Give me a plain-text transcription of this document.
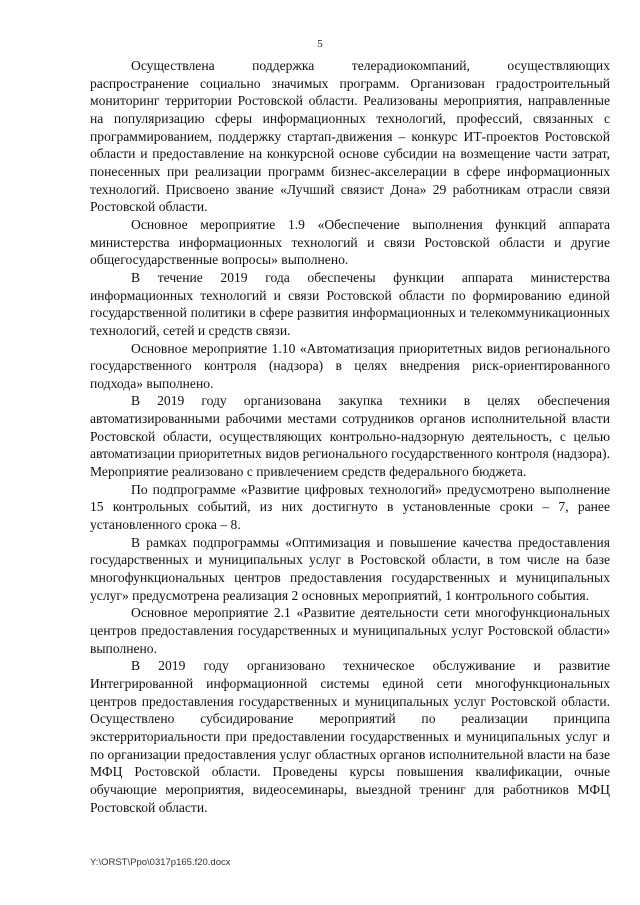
5

Осуществлена поддержка телерадиокомпаний, осуществляющих распространение социально значимых программ. Организован градостроительный мониторинг территории Ростовской области. Реализованы мероприятия, направленные на популяризацию сферы информационных технологий, профессий, связанных с программированием, поддержку стартап-движения – конкурс ИТ-проектов Ростовской области и предоставление на конкурсной основе субсидии на возмещение части затрат, понесенных при реализации программ бизнес-акселерации в сфере информационных технологий. Присвоено звание «Лучший связист Дона» 29 работникам отрасли связи Ростовской области.

Основное мероприятие 1.9 «Обеспечение выполнения функций аппарата министерства информационных технологий и связи Ростовской области и другие общегосударственные вопросы» выполнено.

В течение 2019 года обеспечены функции аппарата министерства информационных технологий и связи Ростовской области по формированию единой государственной политики в сфере развития информационных и телекоммуникационных технологий, сетей и средств связи.

Основное мероприятие 1.10 «Автоматизация приоритетных видов регионального государственного контроля (надзора) в целях внедрения риск-ориентированного подхода» выполнено.

В 2019 году организована закупка техники в целях обеспечения автоматизированными рабочими местами сотрудников органов исполнительной власти Ростовской области, осуществляющих контрольно-надзорную деятельность, с целью автоматизации приоритетных видов регионального государственного контроля (надзора). Мероприятие реализовано с привлечением средств федерального бюджета.

По подпрограмме «Развитие цифровых технологий» предусмотрено выполнение 15 контрольных событий, из них достигнуто в установленные сроки – 7, ранее установленного срока – 8.

В рамках подпрограммы «Оптимизация и повышение качества предоставления государственных и муниципальных услуг в Ростовской области, в том числе на базе многофункциональных центров предоставления государственных и муниципальных услуг» предусмотрена реализация 2 основных мероприятий, 1 контрольного события.

Основное мероприятие 2.1 «Развитие деятельности сети многофункциональных центров предоставления государственных и муниципальных услуг Ростовской области» выполнено.

В 2019 году организовано техническое обслуживание и развитие Интегрированной информационной системы единой сети многофункциональных центров предоставления государственных и муниципальных услуг Ростовской области. Осуществлено субсидирование мероприятий по реализации принципа экстерриториальности при предоставлении государственных и муниципальных услуг и по организации предоставления услуг областных органов исполнительной власти на базе МФЦ Ростовской области. Проведены курсы повышения квалификации, очные обучающие мероприятия, видеосеминары, выездной тренинг для работников МФЦ Ростовской области.

Y:\ORST\Ppo\0317p165.f20.docx
